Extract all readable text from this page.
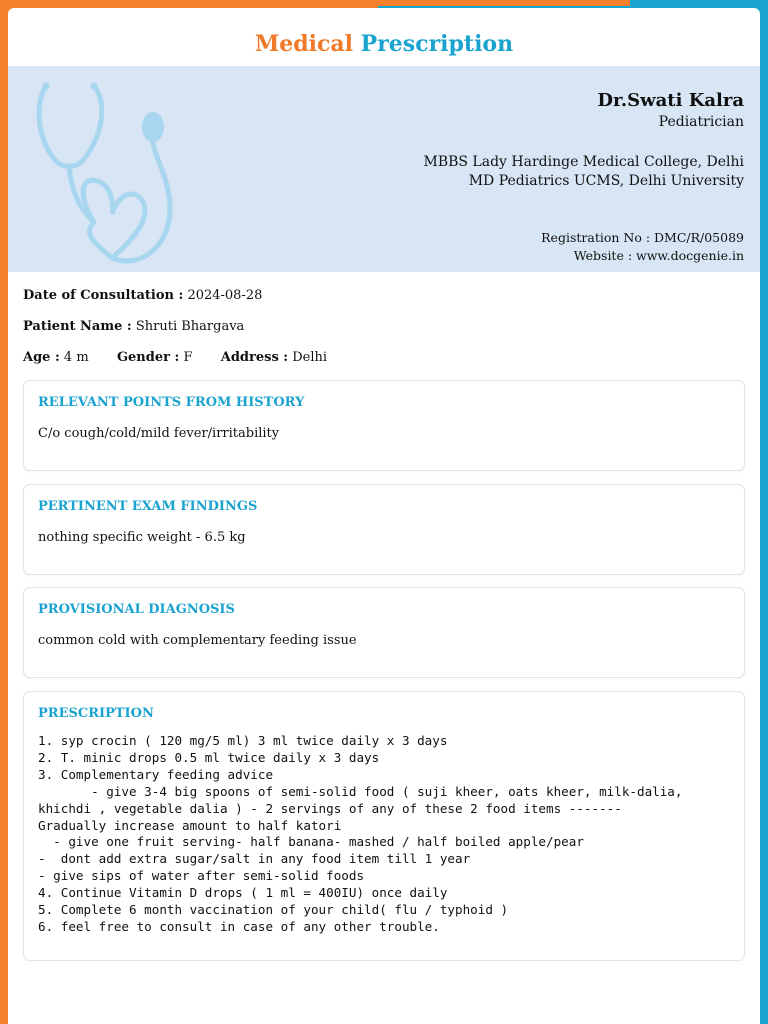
Medical Prescription
Dr.Swati Kalra
Pediatrician
MBBS Lady Hardinge Medical College, Delhi
MD Pediatrics UCMS, Delhi University
Registration No : DMC/R/05089
Website : www.docgenie.in
Date of Consultation : 2024-08-28
Patient Name : Shruti Bhargava
Age : 4 m Gender : F Address : Delhi
RELEVANT POINTS FROM HISTORY
C/o cough/cold/mild fever/irritability
PERTINENT EXAM FINDINGS
nothing specific weight - 6.5 kg
PROVISIONAL DIAGNOSIS
common cold with complementary feeding issue
PRESCRIPTION
1. syp crocin ( 120 mg/5 ml) 3 ml twice daily x 3 days
2. T. minic drops 0.5 ml twice daily x 3 days
3. Complementary feeding advice
- give 3-4 big spoons of semi-solid food ( suji kheer, oats kheer, milk-dalia,
khichdi , vegetable dalia ) - 2 servings of any of these 2 food items -------
Gradually increase amount to half katori
- give one fruit serving- half banana- mashed / half boiled apple/pear
-  dont add extra sugar/salt in any food item till 1 year
- give sips of water after semi-solid foods
4. Continue Vitamin D drops ( 1 ml = 400IU) once daily
5. Complete 6 month vaccination of your child( flu / typhoid )
6. feel free to consult in case of any other trouble.
